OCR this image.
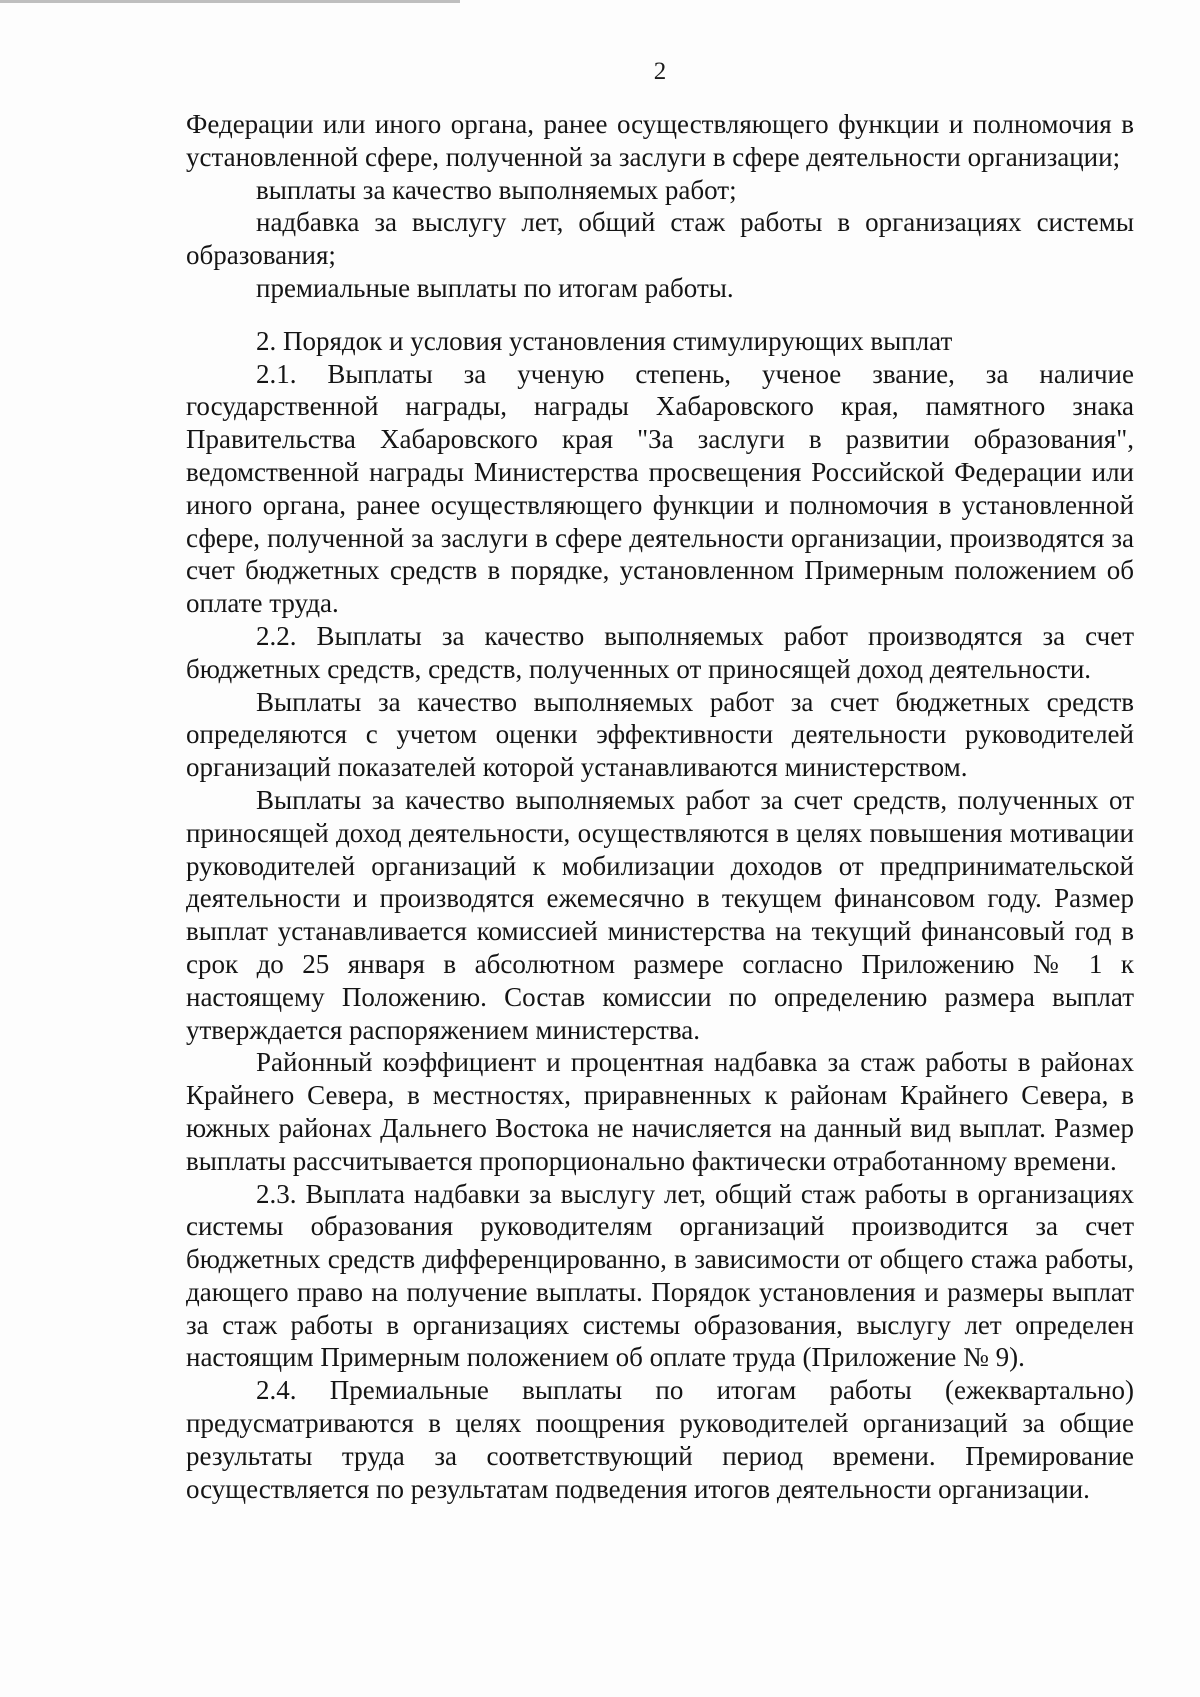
2

Федерации или иного органа, ранее осуществляющего функции и полномочия в установленной сфере, полученной за заслуги в сфере деятельности организации;

выплаты за качество выполняемых работ;

надбавка за выслугу лет, общий стаж работы в организациях системы образования;

премиальные выплаты по итогам работы.

2. Порядок и условия установления стимулирующих выплат

2.1. Выплаты за ученую степень, ученое звание, за наличие государственной награды, награды Хабаровского края, памятного знака Правительства Хабаровского края "За заслуги в развитии образования", ведомственной награды Министерства просвещения Российской Федерации или иного органа, ранее осуществляющего функции и полномочия в установленной сфере, полученной за заслуги в сфере деятельности организации, производятся за счет бюджетных средств в порядке, установленном Примерным положением об оплате труда.

2.2. Выплаты за качество выполняемых работ производятся за счет бюджетных средств, средств, полученных от приносящей доход деятельности.

Выплаты за качество выполняемых работ за счет бюджетных средств определяются с учетом оценки эффективности деятельности руководителей организаций показателей которой устанавливаются министерством.

Выплаты за качество выполняемых работ за счет средств, полученных от приносящей доход деятельности, осуществляются в целях повышения мотивации руководителей организаций к мобилизации доходов от предпринимательской деятельности и производятся ежемесячно в текущем финансовом году. Размер выплат устанавливается комиссией министерства на текущий финансовый год в срок до 25 января в абсолютном размере согласно Приложению № 1 к настоящему Положению. Состав комиссии по определению размера выплат утверждается распоряжением министерства.

Районный коэффициент и процентная надбавка за стаж работы в районах Крайнего Севера, в местностях, приравненных к районам Крайнего Севера, в южных районах Дальнего Востока не начисляется на данный вид выплат. Размер выплаты рассчитывается пропорционально фактически отработанному времени.

2.3. Выплата надбавки за выслугу лет, общий стаж работы в организациях системы образования руководителям организаций производится за счет бюджетных средств дифференцированно, в зависимости от общего стажа работы, дающего право на получение выплаты. Порядок установления и размеры выплат за стаж работы в организациях системы образования, выслугу лет определен настоящим Примерным положением об оплате труда (Приложение № 9).

2.4. Премиальные выплаты по итогам работы (ежеквартально) предусматриваются в целях поощрения руководителей организаций за общие результаты труда за соответствующий период времени. Премирование осуществляется по результатам подведения итогов деятельности организации.
